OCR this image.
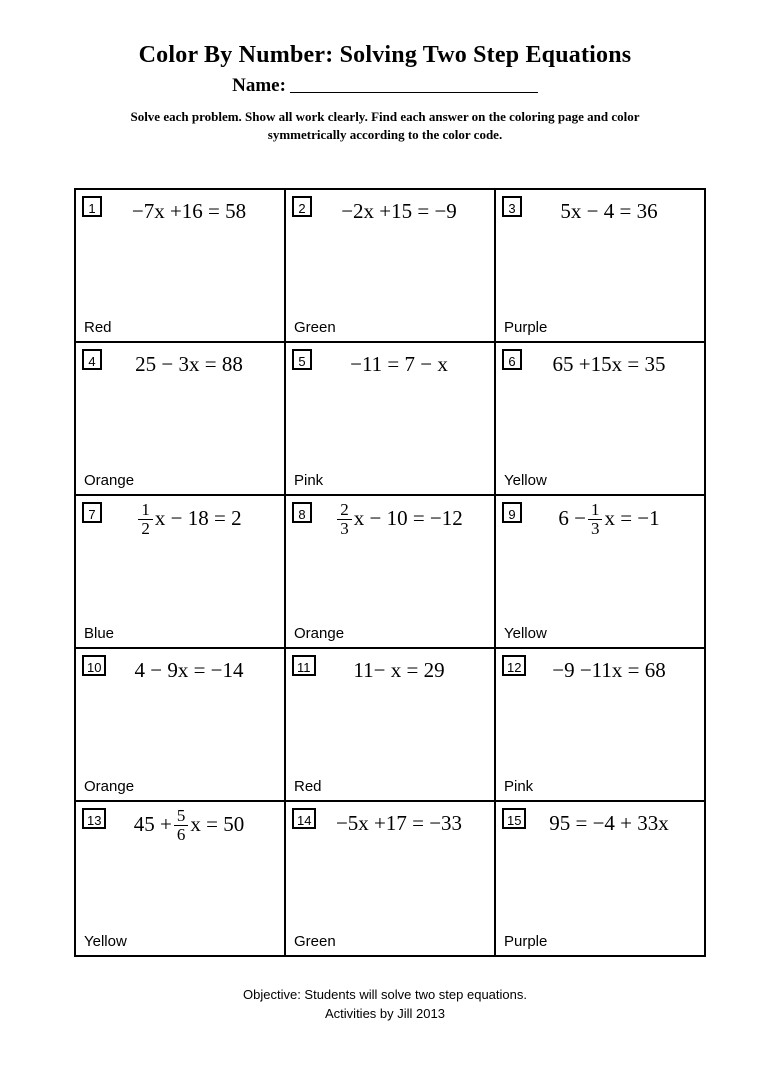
Color By Number: Solving Two Step Equations
Name:
Solve each problem. Show all work clearly. Find each answer on the coloring page and color symmetrically according to the color code.
1	−7x +16 = 58
Red
2	−2x +15 = −9
Green
3	5x − 4 = 36
Purple
4	25 − 3x = 88
Orange
5	−11 = 7 − x
Pink
6	65 +15x = 35
Yellow
7	$\frac{1}{2}$ x − 18 = 2
Blue
8	$\frac{2}{3}$ x − 10 = −12
Orange
9	$6 - \frac{1}{3}$ x = −1
Yellow
10	4 − 9x = −14
Orange
11	11− x = 29
Red
12	−9 −11x = 68
Pink
13	$45 + \frac{5}{6}$ x = 50
Yellow
14	−5x +17 = −33
Green
15	95 = −4 + 33x
Purple
Objective: Students will solve two step equations.
Activities by Jill 2013
